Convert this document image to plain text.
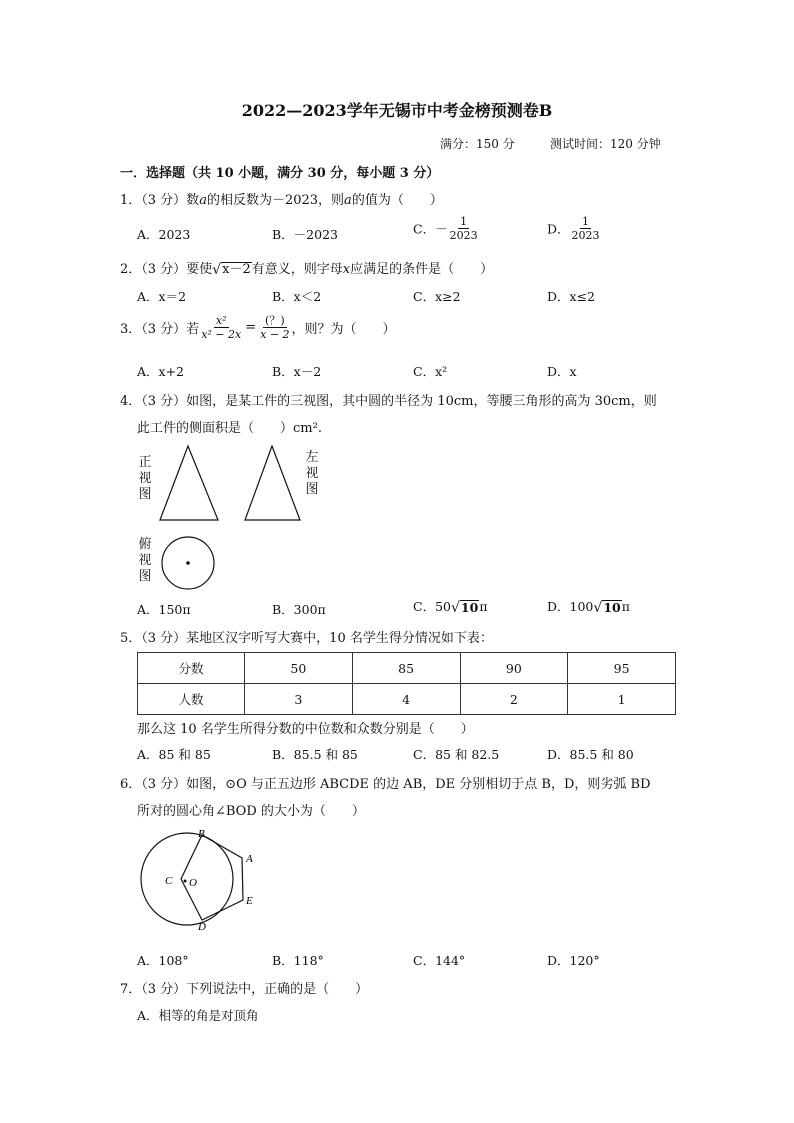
2022—2023学年无锡市中考金榜预测卷B
满分：150 分	测试时间：120 分钟
一．选择题（共 10 小题，满分 30 分，每小题 3 分）
1．（3 分）数a的相反数为－2023，则a的值为（　　）
A．2023	B．－2023	C．－ $\frac{1}{2023}$	D． $\frac{1}{2023}$
2．（3 分）要使 √ x－2 有意义，则字母x应满足的条件是（　　）
A．x＝2	B．x＜2	C．x≥2	D．x≤2
3．（3 分）若 $\frac{\text{x²}}{\text{x² − 2x}} = \frac{(?)}{x - 2}$ ，则？为（　　）
A．x+2	B．x－2	C．x²	D．x
4．（3 分）如图，是某工件的三视图，其中圆的半径为 10cm，等腰三角形的高为 30cm，则
此工件的侧面积是（　　）cm².
正视图
左视图
俯视图
A．150π	B．300π	C．50 √ 10 π	D．100 √ 10 π
5．（3 分）某地区汉字听写大赛中，10 名学生得分情况如下表：
分数	50	85	90	95
人数	3	4	2	1
那么这 10 名学生所得分数的中位数和众数分别是（　　）
A．85 和 85	B．85.5 和 85	C．85 和 82.5	D．85.5 和 80
6．（3 分）如图，⊙O 与正五边形 ABCDE 的边 AB，DE 分别相切于点 B，D，则劣弧 BD
所对的圆心角∠BOD 的大小为（　　）
B
A
C O
E
D
A．108°	B．118°	C．144°	D．120°
7．（3 分）下列说法中，正确的是（　　）
A．相等的角是对顶角
